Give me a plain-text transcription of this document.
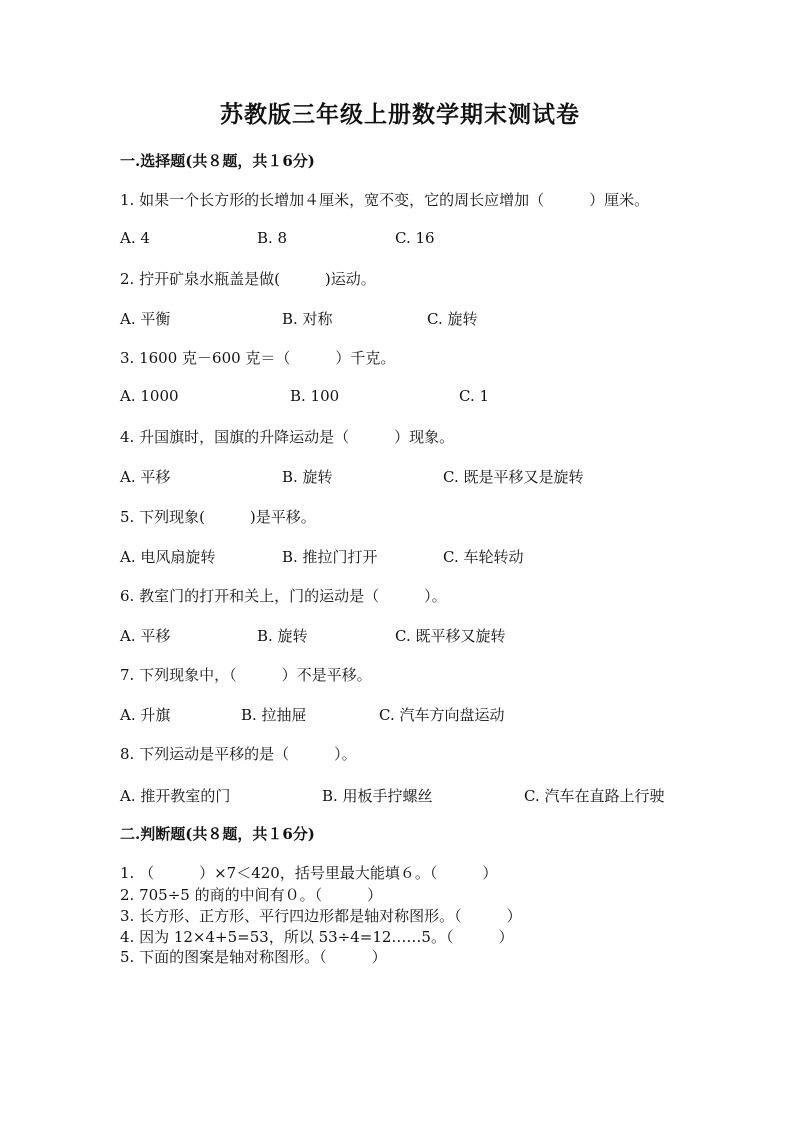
苏教版三年级上册数学期末测试卷
一.选择题(共８题，共１6分)
1. 如果一个长方形的长增加４厘米，宽不变，它的周长应增加（　　　）厘米。
A. 4	B. 8	C. 16
2. 拧开矿泉水瓶盖是做(　　　)运动。
A. 平衡	B. 对称	C. 旋转
3. 1600 克－600 克＝（　　　）千克。
A. 1000	B. 100	C. 1
4. 升国旗时，国旗的升降运动是（　　　）现象。
A. 平移	B. 旋转	C. 既是平移又是旋转
5. 下列现象(　　　)是平移。
A. 电风扇旋转	B. 推拉门打开	C. 车轮转动
6. 教室门的打开和关上，门的运动是（　　　）。
A. 平移	B. 旋转	C. 既平移又旋转
7. 下列现象中，（　　　）不是平移。
A. 升旗	B. 拉抽屉	C. 汽车方向盘运动
8. 下列运动是平移的是（　　　）。
A. 推开教室的门	B. 用板手拧螺丝	C. 汽车在直路上行驶
二.判断题(共８题，共１6分)
1. （　　　）×7＜420，括号里最大能填６。（　　　）
2. 705÷5 的商的中间有０。（　　　）
3. 长方形、正方形、平行四边形都是轴对称图形。（　　　）
4. 因为 12×4+5=53，所以 53÷4=12……5。（　　　）
5. 下面的图案是轴对称图形。（　　　）
